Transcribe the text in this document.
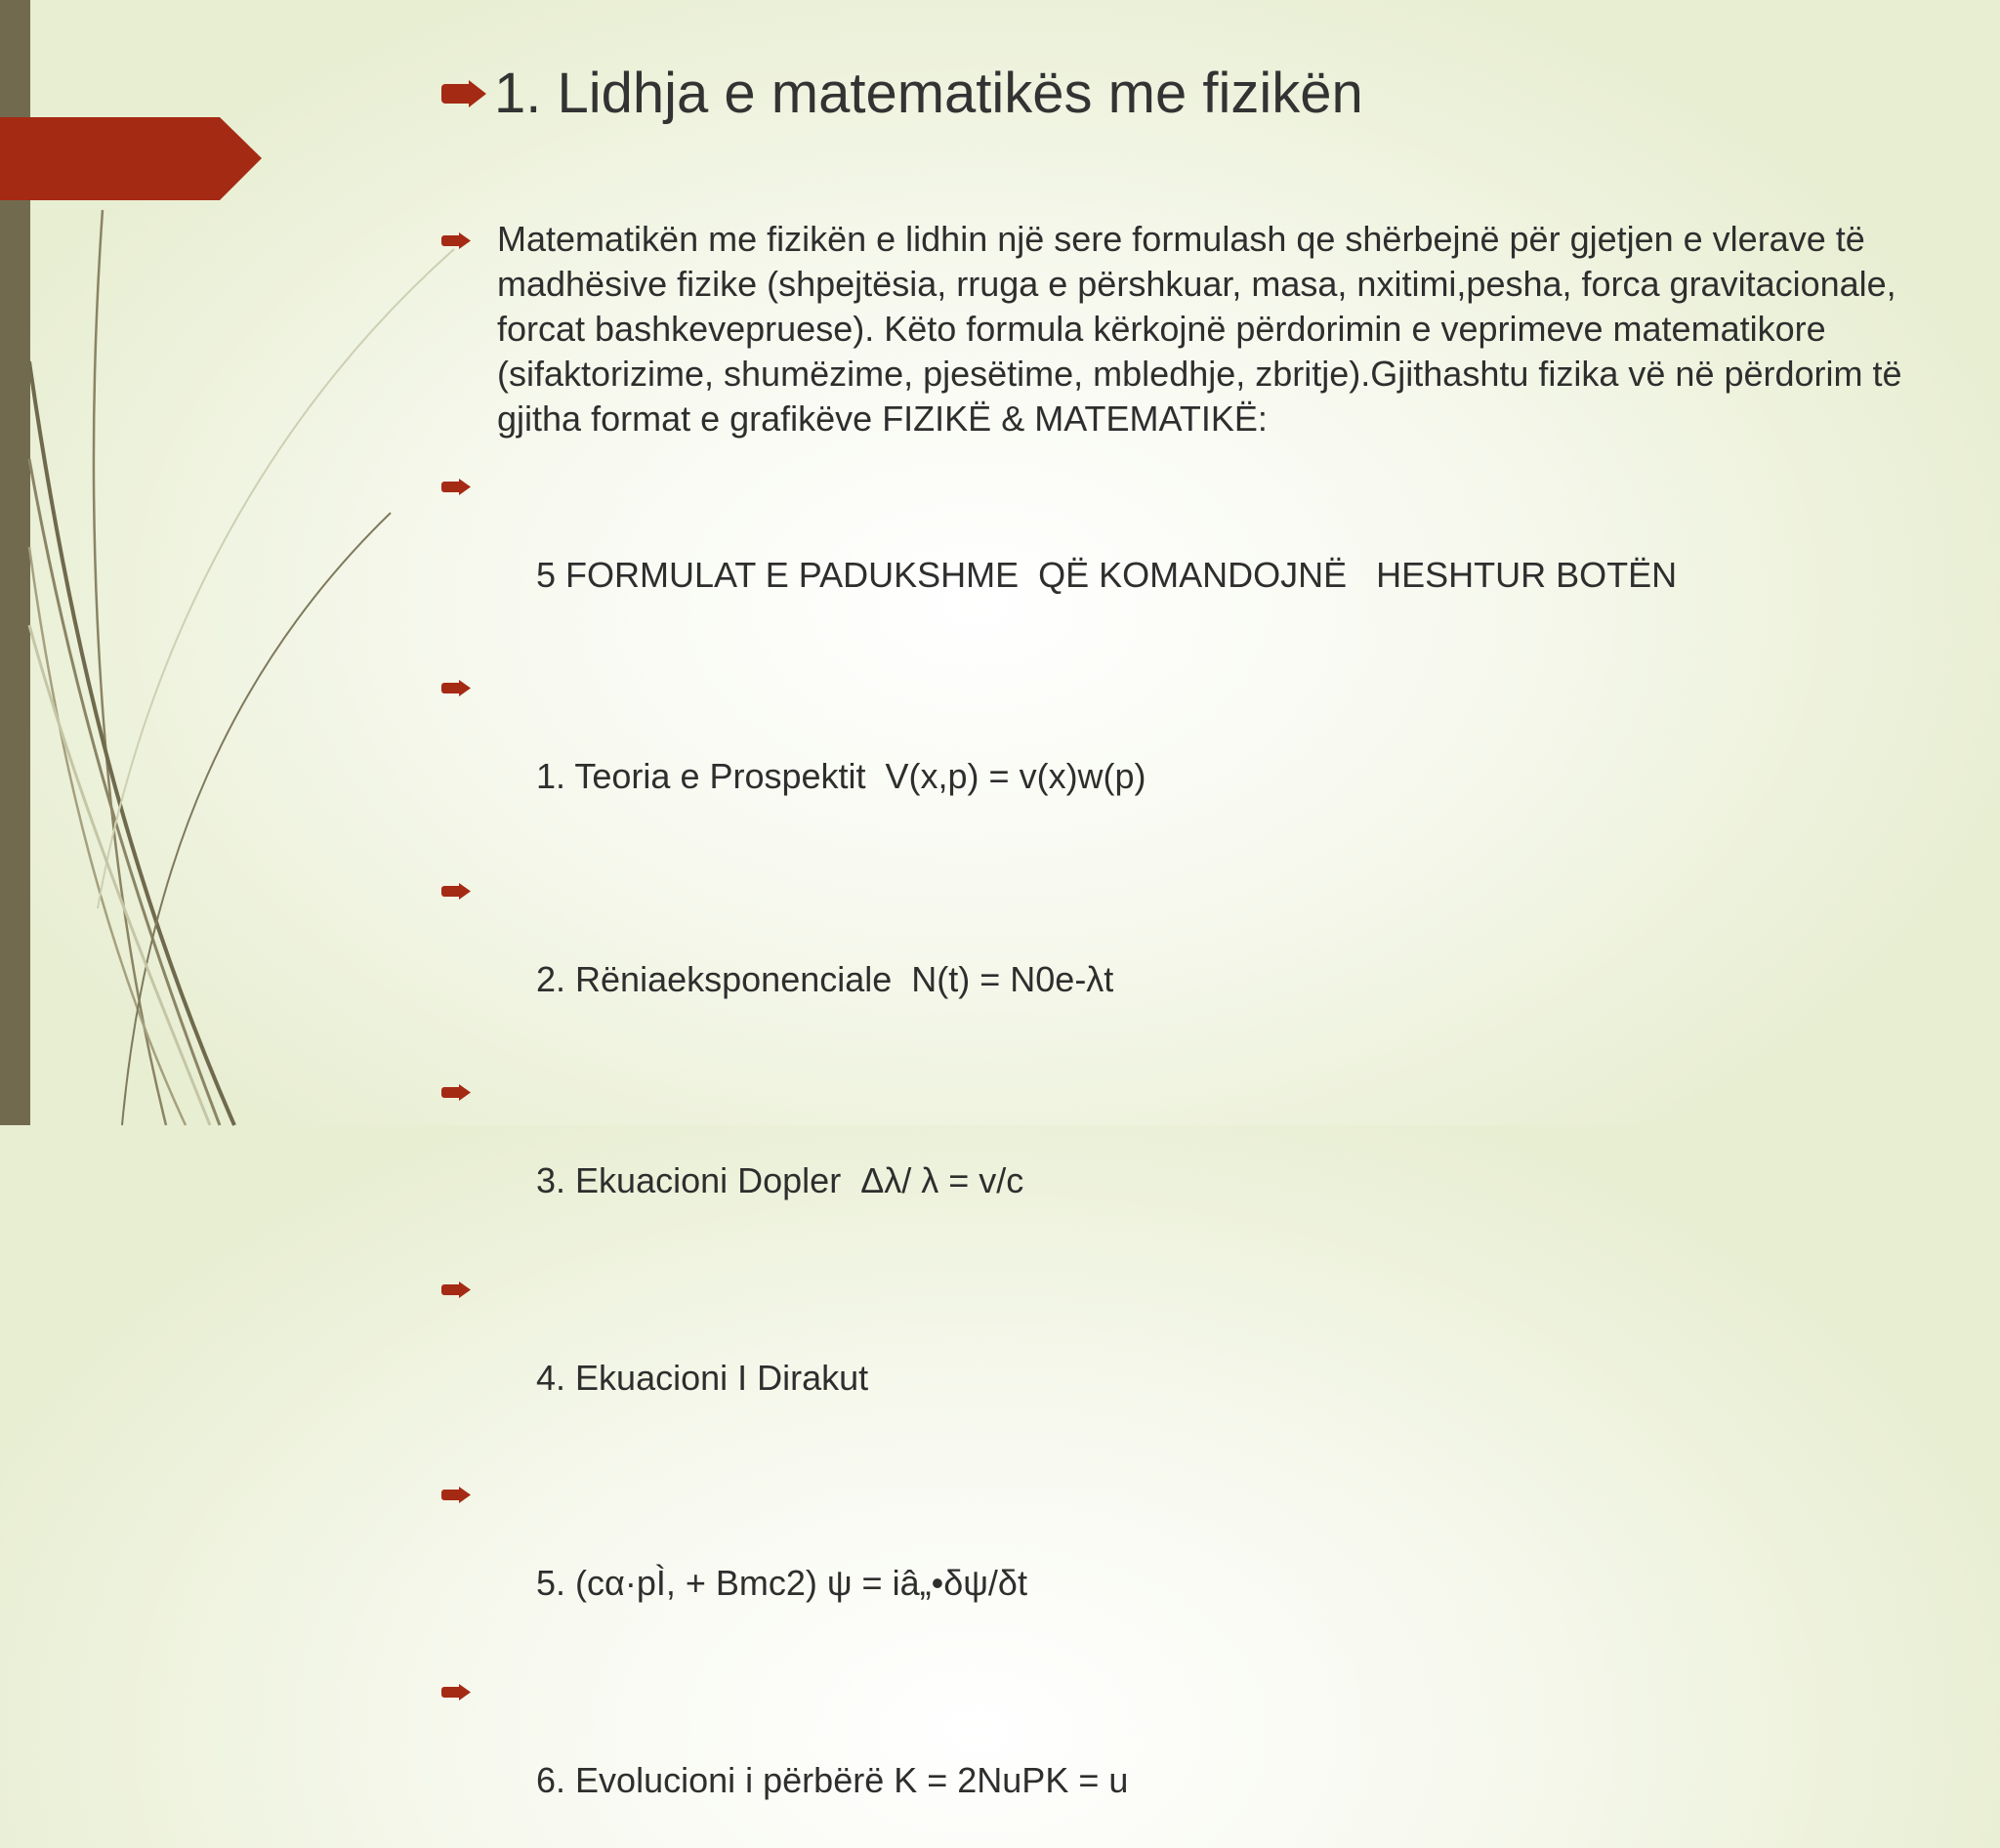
1. Lidhja e matematikës me fizikën
Matematikën me fizikën e lidhin një sere formulash qe shërbejnë për gjetjen e vlerave të madhësive fizike (shpejtësia, rruga e përshkuar, masa, nxitimi,pesha, forca gravitacionale, forcat bashkevepruese). Këto formula kërkojnë përdorimin e veprimeve matematikore (sifaktorizime, shumëzime, pjesëtime, mbledhje, zbritje).Gjithashtu fizika vë në përdorim të gjitha format e grafikëve FIZIKË & MATEMATIKË:

5 FORMULAT E PADUKSHME  QË KOMANDOJNË   HESHTUR BOTËN

1. Teoria e Prospektit  V(x,p) = v(x)w(p)

2. Rëniaeksponenciale  N(t) = N0e-λt

3. Ekuacioni Dopler  Δλ/ λ = v/c

4. Ekuacioni I Dirakut

5. (cα·pÌ, + Bmc2) ψ = iâ„•δψ/δt

6. Evolucioni i përbërë K = 2NuPK = u
